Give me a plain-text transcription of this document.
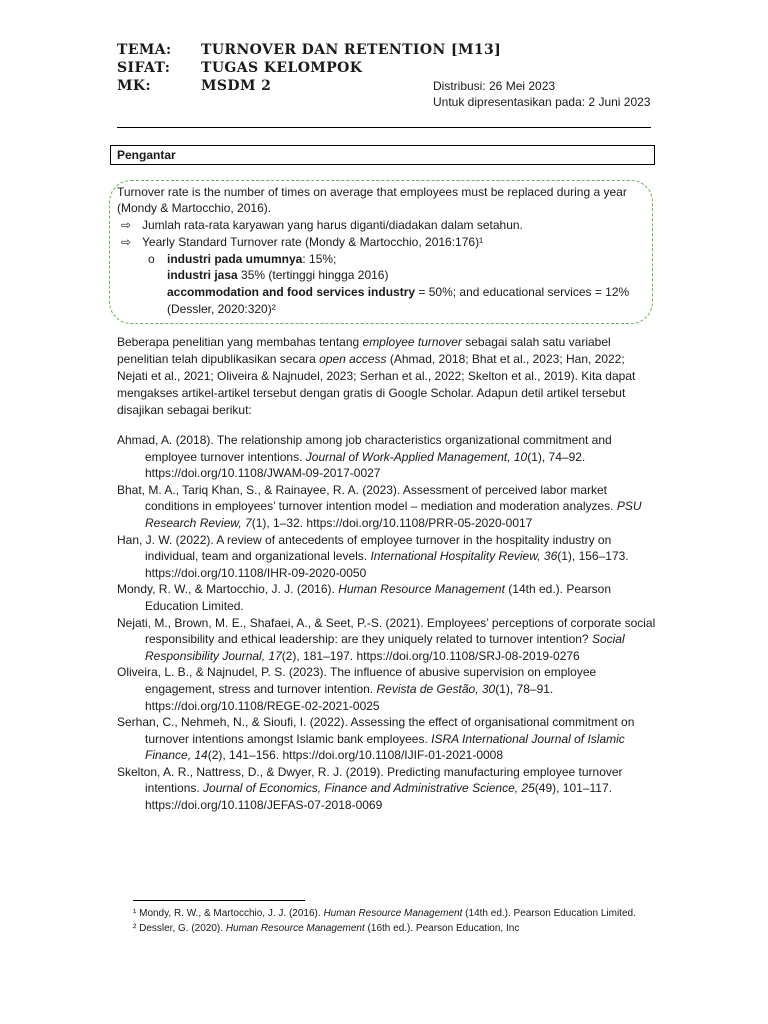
TEMA: TURNOVER DAN RETENTION [M13]
SIFAT: TUGAS KELOMPOK
MK:	MSDM 2	Distribusi: 26 Mei 2023
Untuk dipresentasikan pada: 2 Juni 2023
Pengantar
Turnover rate is the number of times on average that employees must be replaced during a year
(Mondy & Martocchio, 2016).
⇨ Jumlah rata-rata karyawan yang harus diganti/diadakan dalam setahun.
⇨ Yearly Standard Turnover rate (Mondy & Martocchio, 2016:176)¹
o industri pada umumnya: 15%;
industri jasa 35% (tertinggi hingga 2016)
accommodation and food services industry = 50%; and educational services = 12%
(Dessler, 2020:320)²
Beberapa penelitian yang membahas tentang employee turnover sebagai salah satu variabel penelitian telah dipublikasikan secara open access (Ahmad, 2018; Bhat et al., 2023; Han, 2022; Nejati et al., 2021; Oliveira & Najnudel, 2023; Serhan et al., 2022; Skelton et al., 2019). Kita dapat mengakses artikel-artikel tersebut dengan gratis di Google Scholar. Adapun detil artikel tersebut disajikan sebagai berikut:
Ahmad, A. (2018). The relationship among job characteristics organizational commitment and employee turnover intentions. Journal of Work-Applied Management, 10(1), 74–92. https://doi.org/10.1108/JWAM-09-2017-0027
Bhat, M. A., Tariq Khan, S., & Rainayee, R. A. (2023). Assessment of perceived labor market conditions in employees’ turnover intention model – mediation and moderation analyzes. PSU Research Review, 7(1), 1–32. https://doi.org/10.1108/PRR-05-2020-0017
Han, J. W. (2022). A review of antecedents of employee turnover in the hospitality industry on individual, team and organizational levels. International Hospitality Review, 36(1), 156–173. https://doi.org/10.1108/IHR-09-2020-0050
Mondy, R. W., & Martocchio, J. J. (2016). Human Resource Management (14th ed.). Pearson Education Limited.
Nejati, M., Brown, M. E., Shafaei, A., & Seet, P.-S. (2021). Employees’ perceptions of corporate social responsibility and ethical leadership: are they uniquely related to turnover intention? Social Responsibility Journal, 17(2), 181–197. https://doi.org/10.1108/SRJ-08-2019-0276
Oliveira, L. B., & Najnudel, P. S. (2023). The influence of abusive supervision on employee engagement, stress and turnover intention. Revista de Gestão, 30(1), 78–91. https://doi.org/10.1108/REGE-02-2021-0025
Serhan, C., Nehmeh, N., & Sioufi, I. (2022). Assessing the effect of organisational commitment on turnover intentions amongst Islamic bank employees. ISRA International Journal of Islamic Finance, 14(2), 141–156. https://doi.org/10.1108/IJIF-01-2021-0008
Skelton, A. R., Nattress, D., & Dwyer, R. J. (2019). Predicting manufacturing employee turnover intentions. Journal of Economics, Finance and Administrative Science, 25(49), 101–117. https://doi.org/10.1108/JEFAS-07-2018-0069
¹ Mondy, R. W., & Martocchio, J. J. (2016). Human Resource Management (14th ed.). Pearson Education Limited.
² Dessler, G. (2020). Human Resource Management (16th ed.). Pearson Education, Inc
